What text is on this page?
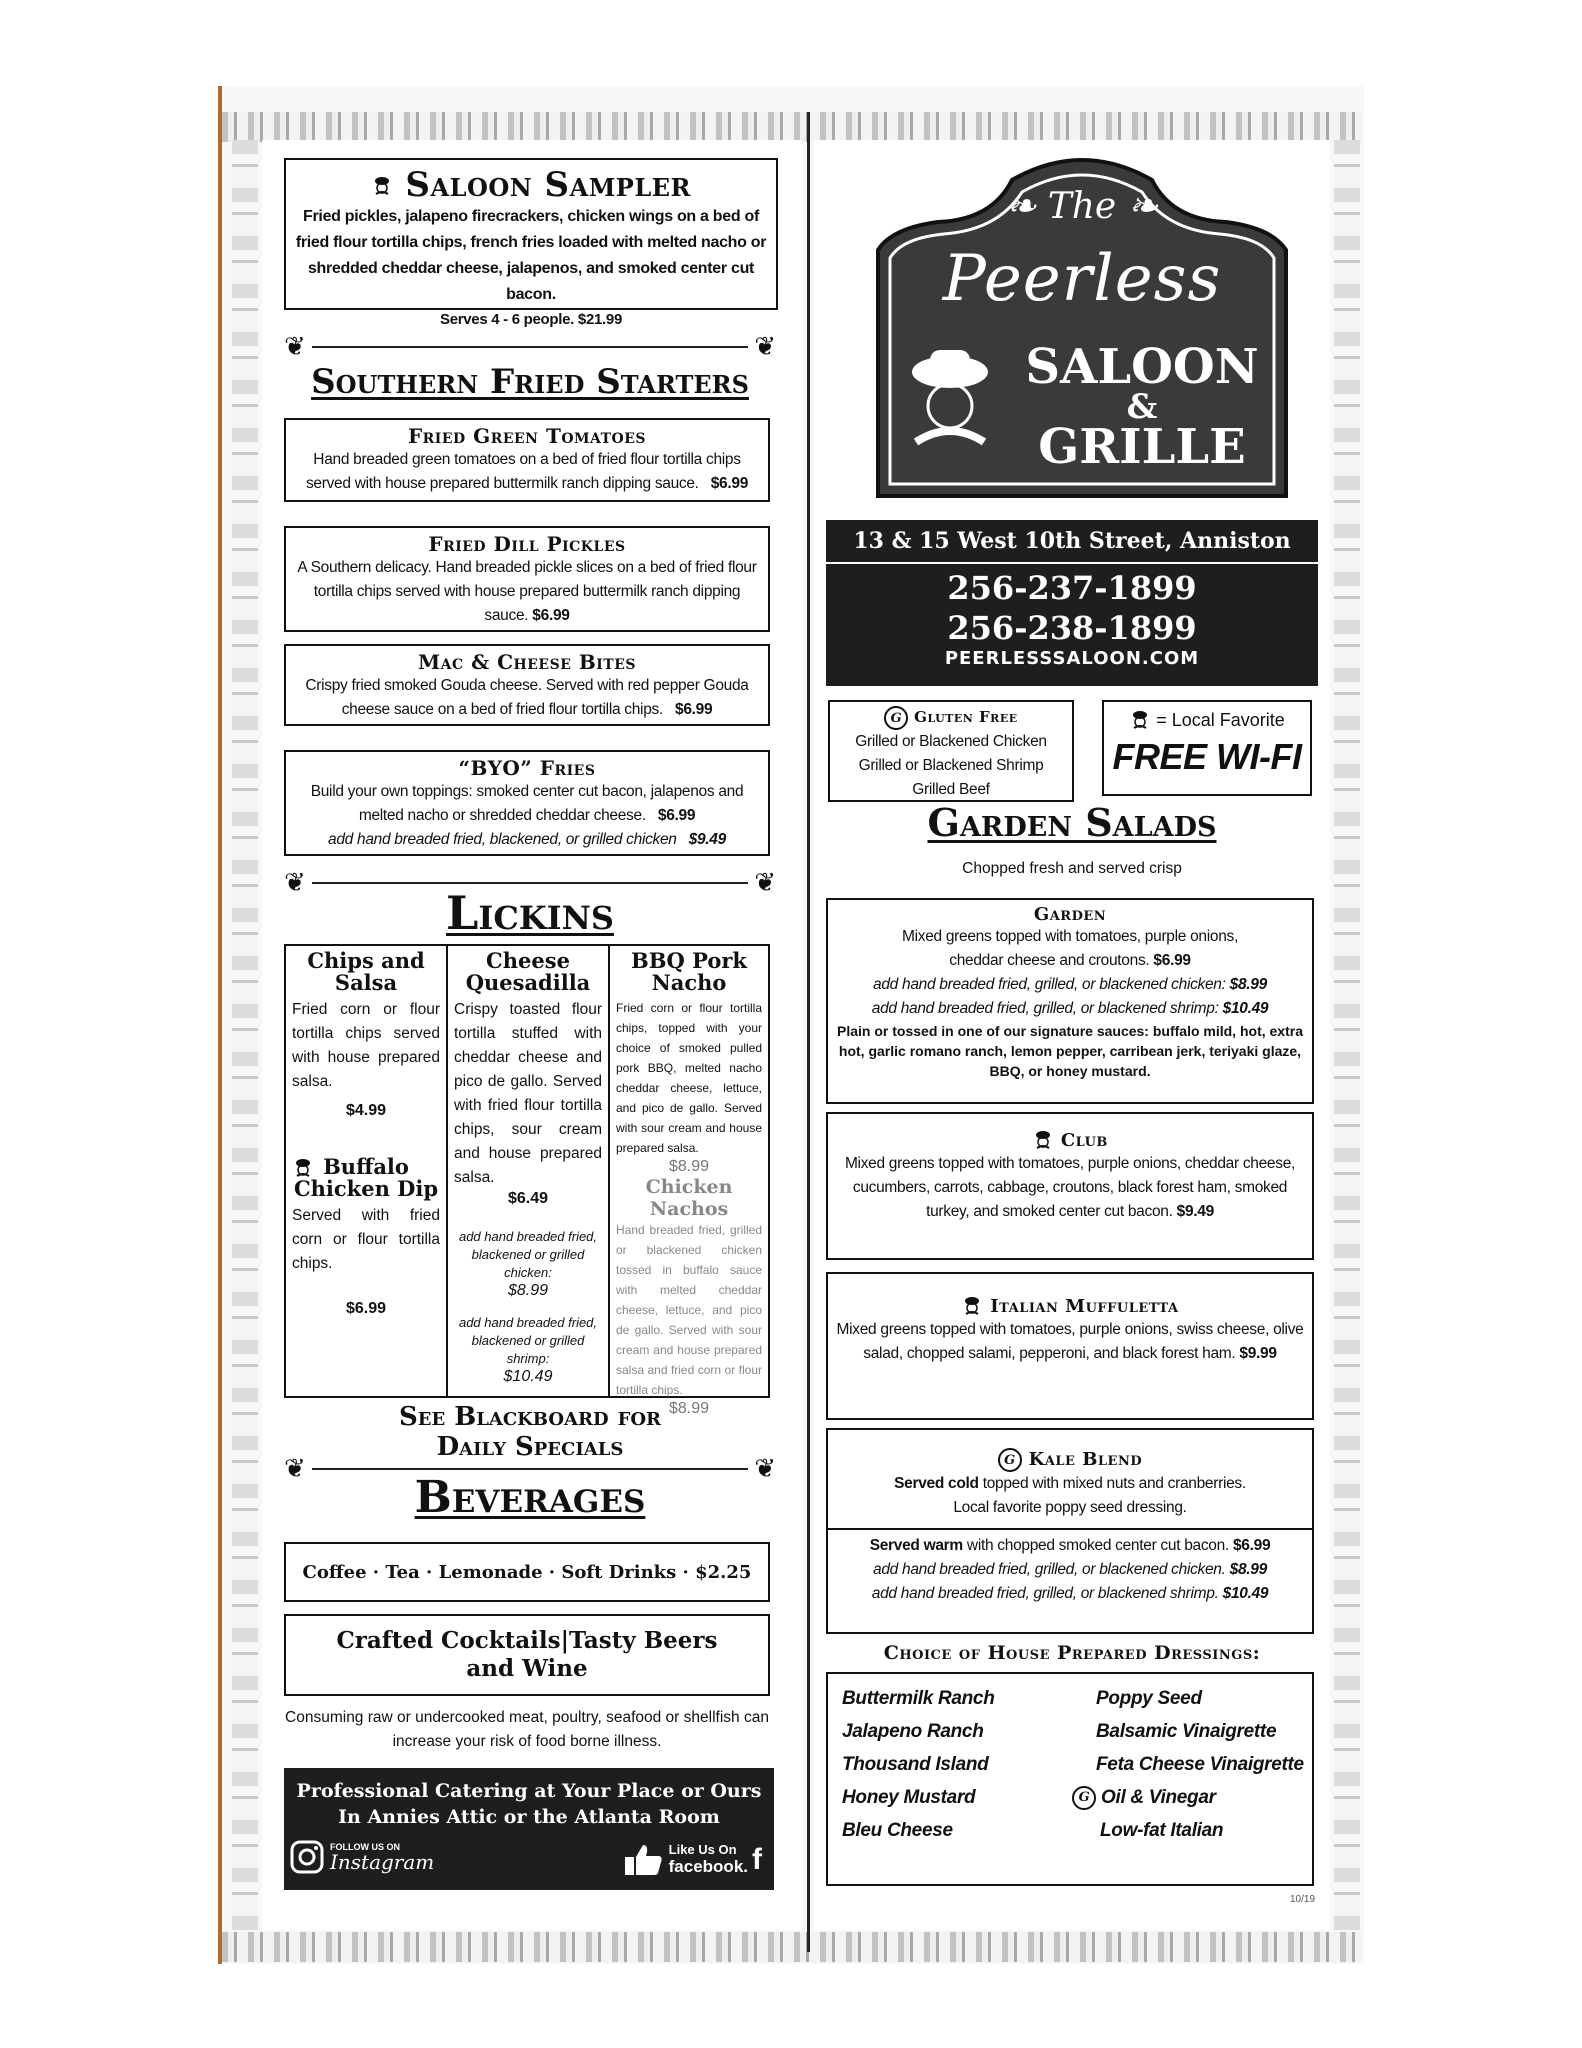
Saloon Sampler
Fried pickles, jalapeno firecrackers, chicken wings on a bed of fried flour tortilla chips, french fries loaded with melted nacho or shredded cheddar cheese, jalapenos, and smoked center cut bacon.
Serves 4 - 6 people. $21.99
❦	❦
Southern Fried Starters
Fried Green Tomatoes
Hand breaded green tomatoes on a bed of fried flour tortilla chips served with house prepared buttermilk ranch dipping sauce. $6.99
Fried Dill Pickles
A Southern delicacy. Hand breaded pickle slices on a bed of fried flour tortilla chips served with house prepared buttermilk ranch dipping sauce. $6.99
Mac & Cheese Bites
Crispy fried smoked Gouda cheese. Served with red pepper Gouda cheese sauce on a bed of fried flour tortilla chips. $6.99
“BYO” Fries
Build your own toppings: smoked center cut bacon, jalapenos and melted nacho or shredded cheddar cheese. $6.99
add hand breaded fried, blackened, or grilled chicken $9.49
❦	❦
Lickins
Chips and Salsa
Fried corn or flour tortilla chips served with house prepared salsa.
$4.99
Buffalo Chicken Dip
Served with fried corn or flour tortilla chips.
$6.99
Cheese Quesadilla
Crispy toasted flour tortilla stuffed with cheddar cheese and pico de gallo. Served with fried flour tortilla chips, sour cream and house prepared salsa.
$6.49
add hand breaded fried, blackened or grilled chicken:
$8.99
add hand breaded fried, blackened or grilled shrimp:
$10.49
BBQ Pork Nacho
Fried corn or flour tortilla chips, topped with your choice of smoked pulled pork BBQ, melted nacho cheddar cheese, lettuce, and pico de gallo. Served with sour cream and house prepared salsa.
$8.99
Chicken Nachos
Hand breaded fried, grilled or blackened chicken tossed in buffalo sauce with melted cheddar cheese, lettuce, and pico de gallo. Served with sour cream and house prepared salsa and fried corn or flour tortilla chips.
$8.99
See Blackboard for
Daily Specials
❦	❦
Beverages
Coffee · Tea · Lemonade · Soft Drinks · $2.25
Crafted Cocktails|Tasty Beers and Wine
Consuming raw or undercooked meat, poultry, seafood or shellfish can increase your risk of food borne illness.
Professional Catering at Your Place or Ours
In Annies Attic or the Atlanta Room
FOLLOW US ON
Instagram
Like Us On
facebook. f
❧ The ❧
Peerless
SALOON
&
GRILLE
13 & 15 West 10th Street, Anniston
256-237-1899
256-238-1899
PEERLESSSALOON.COM
G Gluten Free
Grilled or Blackened Chicken
Grilled or Blackened Shrimp
Grilled Beef
= Local Favorite
FREE WI-FI
Garden Salads
Chopped fresh and served crisp
Garden
Mixed greens topped with tomatoes, purple onions,
cheddar cheese and croutons. $6.99
add hand breaded fried, grilled, or blackened chicken: $8.99
add hand breaded fried, grilled, or blackened shrimp: $10.49
Plain or tossed in one of our signature sauces: buffalo mild, hot, extra hot, garlic romano ranch, lemon pepper, carribean jerk, teriyaki glaze, BBQ, or honey mustard.
Club
Mixed greens topped with tomatoes, purple onions, cheddar cheese, cucumbers, carrots, cabbage, croutons, black forest ham, smoked turkey, and smoked center cut bacon. $9.49
Italian Muffuletta
Mixed greens topped with tomatoes, purple onions, swiss cheese, olive salad, chopped salami, pepperoni, and black forest ham. $9.99
G Kale Blend
Served cold topped with mixed nuts and cranberries.
Local favorite poppy seed dressing.
Served warm with chopped smoked center cut bacon. $6.99
add hand breaded fried, grilled, or blackened chicken. $8.99
add hand breaded fried, grilled, or blackened shrimp. $10.49
Choice of House Prepared Dressings:
Buttermilk Ranch
Jalapeno Ranch
Thousand Island
Honey Mustard
Bleu Cheese
Poppy Seed
Balsamic Vinaigrette
Feta Cheese Vinaigrette
G Oil & Vinegar
Low-fat Italian
10/19
